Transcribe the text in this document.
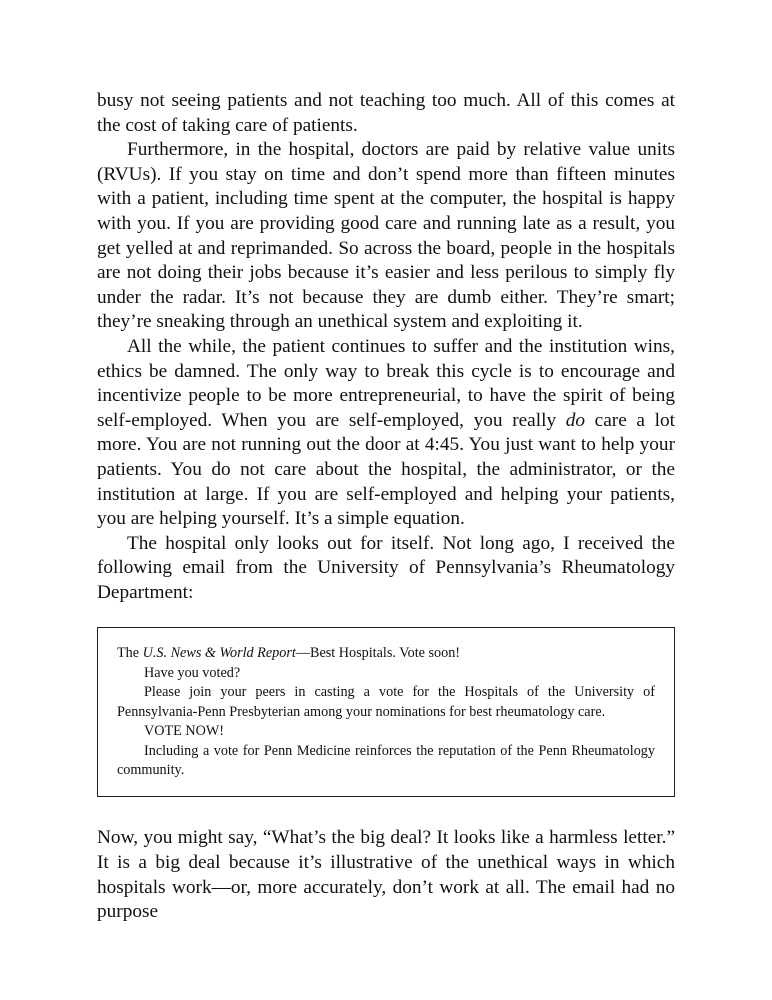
busy not seeing patients and not teaching too much. All of this comes at the cost of taking care of patients.

Furthermore, in the hospital, doctors are paid by relative value units (RVUs). If you stay on time and don’t spend more than fifteen minutes with a patient, including time spent at the computer, the hospital is happy with you. If you are providing good care and running late as a result, you get yelled at and reprimanded. So across the board, people in the hospitals are not doing their jobs because it’s easier and less perilous to simply fly under the radar. It’s not because they are dumb either. They’re smart; they’re sneaking through an unethical system and exploiting it.

All the while, the patient continues to suffer and the institution wins, ethics be damned. The only way to break this cycle is to encourage and incentivize people to be more entrepreneurial, to have the spirit of being self-employed. When you are self-employed, you really do care a lot more. You are not running out the door at 4:45. You just want to help your patients. You do not care about the hospital, the administrator, or the institution at large. If you are self-employed and helping your patients, you are helping yourself. It’s a simple equation.

The hospital only looks out for itself. Not long ago, I received the following email from the University of Pennsylvania’s Rheumatology Department:

The U.S. News & World Report—Best Hospitals. Vote soon!

Have you voted?

Please join your peers in casting a vote for the Hospitals of the University of Pennsylvania-Penn Presbyterian among your nominations for best rheumatology care.

VOTE NOW!

Including a vote for Penn Medicine reinforces the reputation of the Penn Rheumatology community.

Now, you might say, “What’s the big deal? It looks like a harmless letter.” It is a big deal because it’s illustrative of the unethical ways in which hospitals work—or, more accurately, don’t work at all. The email had no purpose
